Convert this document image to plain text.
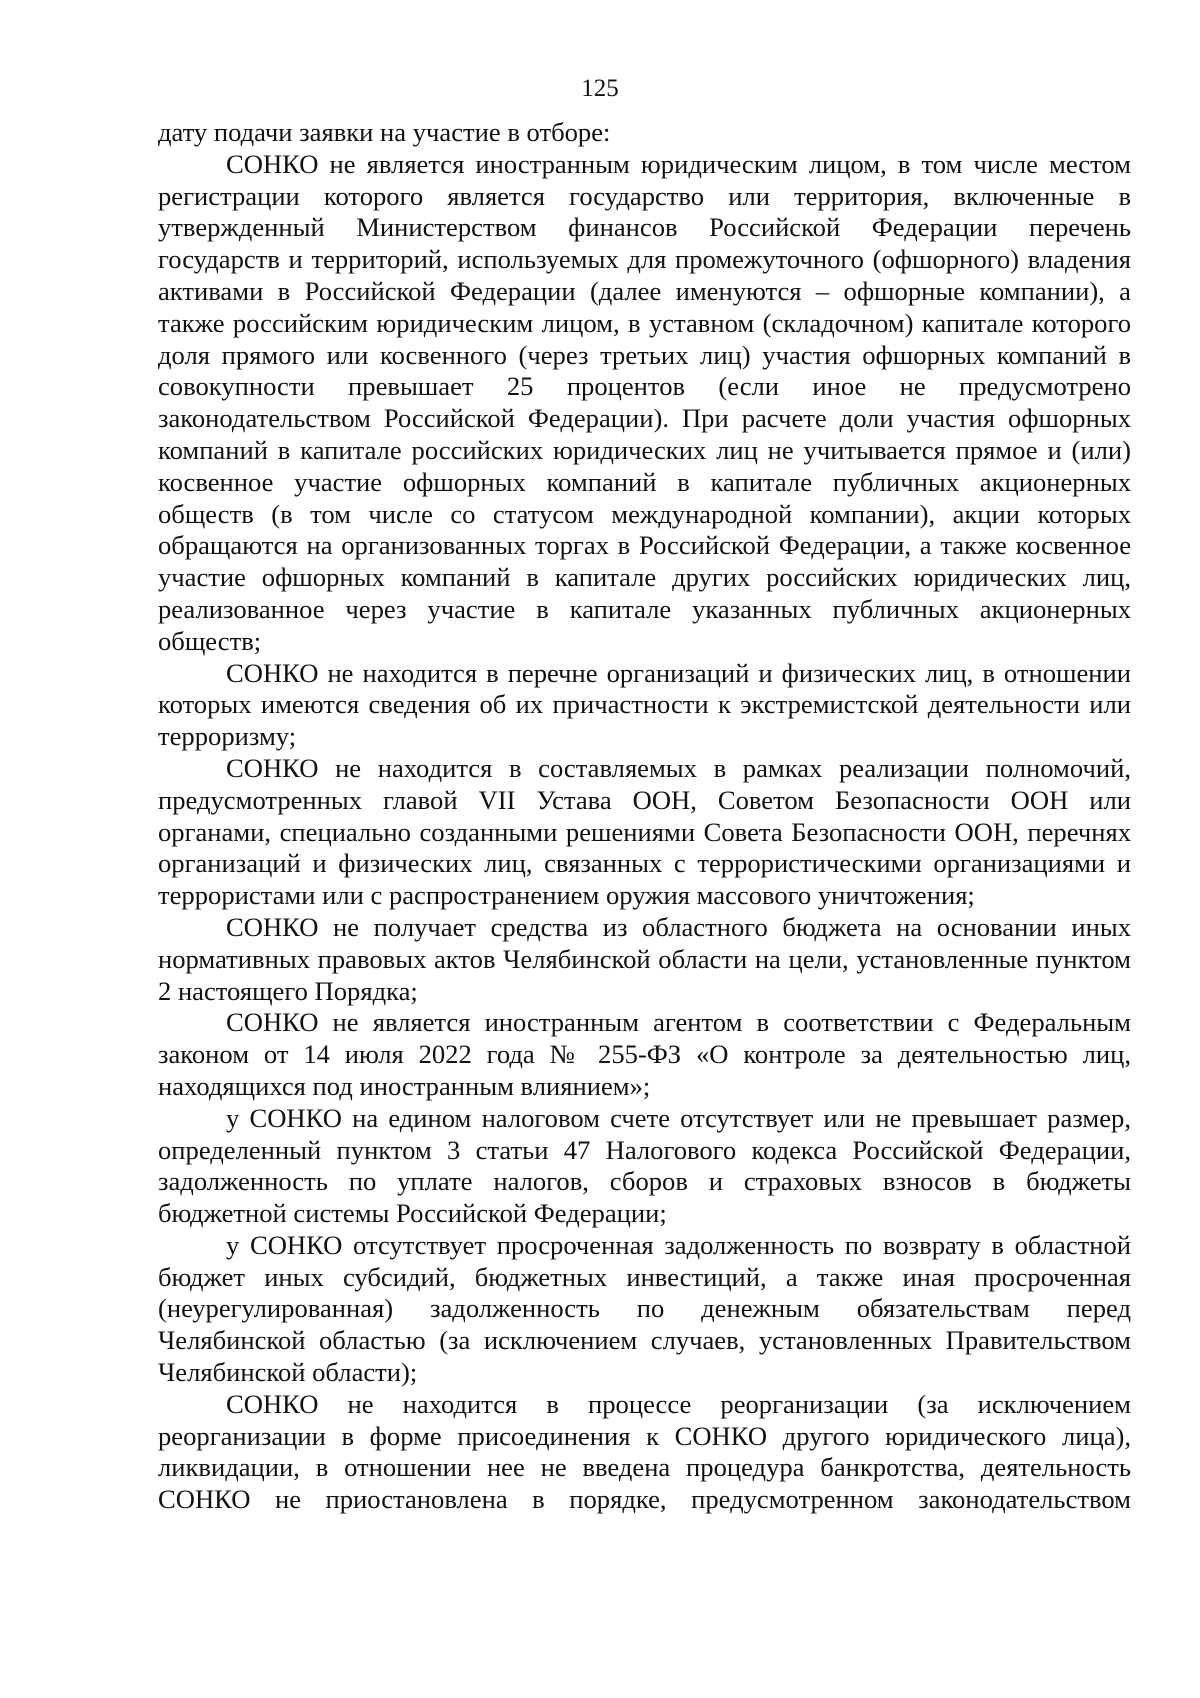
125

дату подачи заявки на участие в отборе:

СОНКО не является иностранным юридическим лицом, в том числе местом регистрации которого является государство или территория, включенные в утвержденный Министерством финансов Российской Федерации перечень государств и территорий, используемых для промежуточного (офшорного) владения активами в Российской Федерации (далее именуются – офшорные компании), а также российским юридическим лицом, в уставном (складочном) капитале которого доля прямого или косвенного (через третьих лиц) участия офшорных компаний в совокупности превышает 25 процентов (если иное не предусмотрено законодательством Российской Федерации). При расчете доли участия офшорных компаний в капитале российских юридических лиц не учитывается прямое и (или) косвенное участие офшорных компаний в капитале публичных акционерных обществ (в том числе со статусом международной компании), акции которых обращаются на организованных торгах в Российской Федерации, а также косвенное участие офшорных компаний в капитале других российских юридических лиц, реализованное через участие в капитале указанных публичных акционерных обществ;

СОНКО не находится в перечне организаций и физических лиц, в отношении которых имеются сведения об их причастности к экстремистской деятельности или терроризму;

СОНКО не находится в составляемых в рамках реализации полномочий, предусмотренных главой VII Устава ООН, Советом Безопасности ООН или органами, специально созданными решениями Совета Безопасности ООН, перечнях организаций и физических лиц, связанных с террористическими организациями и террористами или с распространением оружия массового уничтожения;

СОНКО не получает средства из областного бюджета на основании иных нормативных правовых актов Челябинской области на цели, установленные пунктом 2 настоящего Порядка;

СОНКО не является иностранным агентом в соответствии с Федеральным законом от 14 июля 2022 года № 255-ФЗ «О контроле за деятельностью лиц, находящихся под иностранным влиянием»;

у СОНКО на едином налоговом счете отсутствует или не превышает размер, определенный пунктом 3 статьи 47 Налогового кодекса Российской Федерации, задолженность по уплате налогов, сборов и страховых взносов в бюджеты бюджетной системы Российской Федерации;

у СОНКО отсутствует просроченная задолженность по возврату в областной бюджет иных субсидий, бюджетных инвестиций, а также иная просроченная (неурегулированная) задолженность по денежным обязательствам перед Челябинской областью (за исключением случаев, установленных Правительством Челябинской области);

СОНКО не находится в процессе реорганизации (за исключением реорганизации в форме присоединения к СОНКО другого юридического лица), ликвидации, в отношении нее не введена процедура банкротства, деятельность СОНКО не приостановлена в порядке, предусмотренном законодательством
